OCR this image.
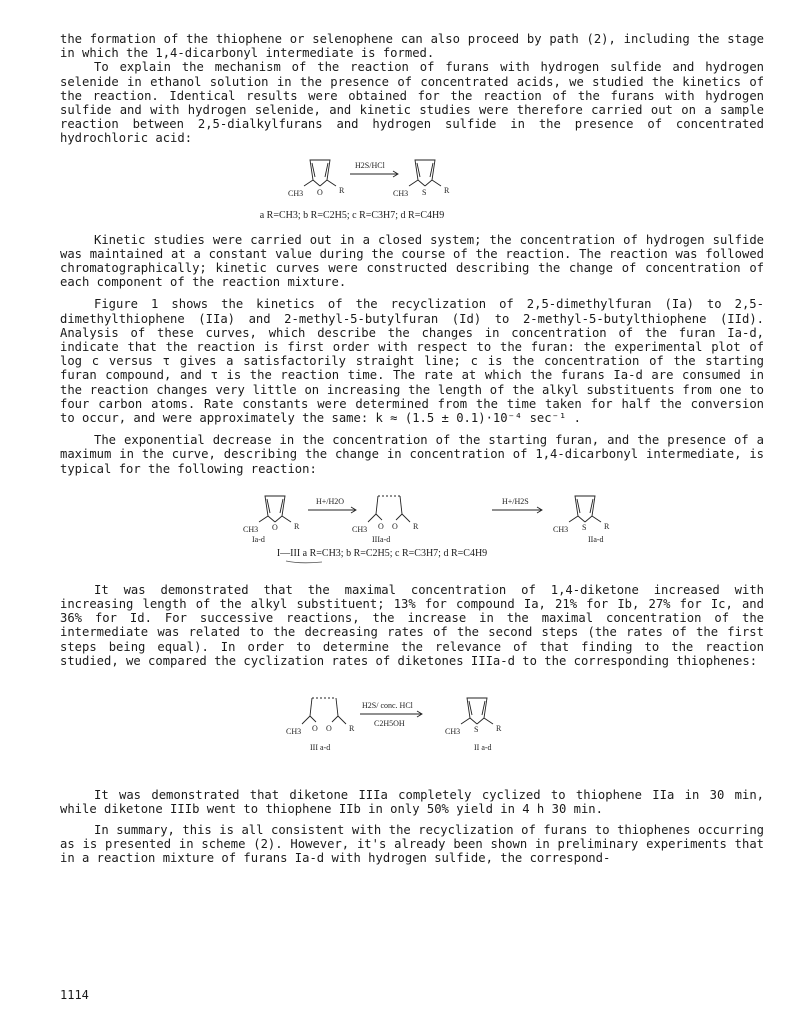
the formation of the thiophene or selenophene can also proceed by path (2), including the stage in which the 1,4-dicarbonyl intermediate is formed.

To explain the mechanism of the reaction of furans with hydrogen sulfide and hydrogen selenide in ethanol solution in the presence of concentrated acids, we studied the kinetics of the reaction. Identical results were obtained for the reaction of the furans with hydrogen sulfide and with hydrogen selenide, and kinetic studies were therefore carried out on a sample reaction between 2,5-dialkylfurans and hydrogen sulfide in the presence of concentrated hydrochloric acid:

H2S/HCl
CH3 O R	CH3 S R
a R=CH3; b R=C2H5; c R=C3H7; d R=C4H9

Kinetic studies were carried out in a closed system; the concentration of hydrogen sulfide was maintained at a constant value during the course of the reaction. The reaction was followed chromatographically; kinetic curves were constructed describing the change of concentration of each component of the reaction mixture.

Figure 1 shows the kinetics of the recyclization of 2,5-dimethylfuran (Ia) to 2,5-dimethylthiophene (IIa) and 2-methyl-5-butylfuran (Id) to 2-methyl-5-butylthiophene (IId). Analysis of these curves, which describe the changes in concentration of the furan Ia-d, indicate that the reaction is first order with respect to the furan: the experimental plot of log c versus τ gives a satisfactorily straight line; c is the concentration of the starting furan compound, and τ is the reaction time. The rate at which the furans Ia-d are consumed in the reaction changes very little on increasing the length of the alkyl substituents from one to four carbon atoms. Rate constants were determined from the time taken for half the conversion to occur, and were approximately the same: k ≈ (1.5 ± 0.1)·10⁻⁴ sec⁻¹ .

The exponential decrease in the concentration of the starting furan, and the presence of a maximum in the curve, describing the change in concentration of 1,4-dicarbonyl intermediate, is typical for the following reaction:

H+/H2O	H+/H2S
CH3 O R
Ia-d
CH3 O O R
IIIa-d
CH3 S R
IIa-d
I—III a R=CH3; b R=C2H5; c R=C3H7; d R=C4H9

It was demonstrated that the maximal concentration of 1,4-diketone increased with increasing length of the alkyl substituent; 13% for compound Ia, 21% for Ib, 27% for Ic, and 36% for Id. For successive reactions, the increase in the maximal concentration of the intermediate was related to the decreasing rates of the second steps (the rates of the first steps being equal). In order to determine the relevance of that finding to the reaction studied, we compared the cyclization rates of diketones IIIa-d to the corresponding thiophenes:

H2S/ conc. HCl
C2H5OH
CH3 O O R
III a-d
CH3 S R
II a-d

It was demonstrated that diketone IIIa completely cyclized to thiophene IIa in 30 min, while diketone IIIb went to thiophene IIb in only 50% yield in 4 h 30 min.

In summary, this is all consistent with the recyclization of furans to thiophenes occurring as is presented in scheme (2). However, it's already been shown in preliminary experiments that in a reaction mixture of furans Ia-d with hydrogen sulfide, the correspond-

1114
